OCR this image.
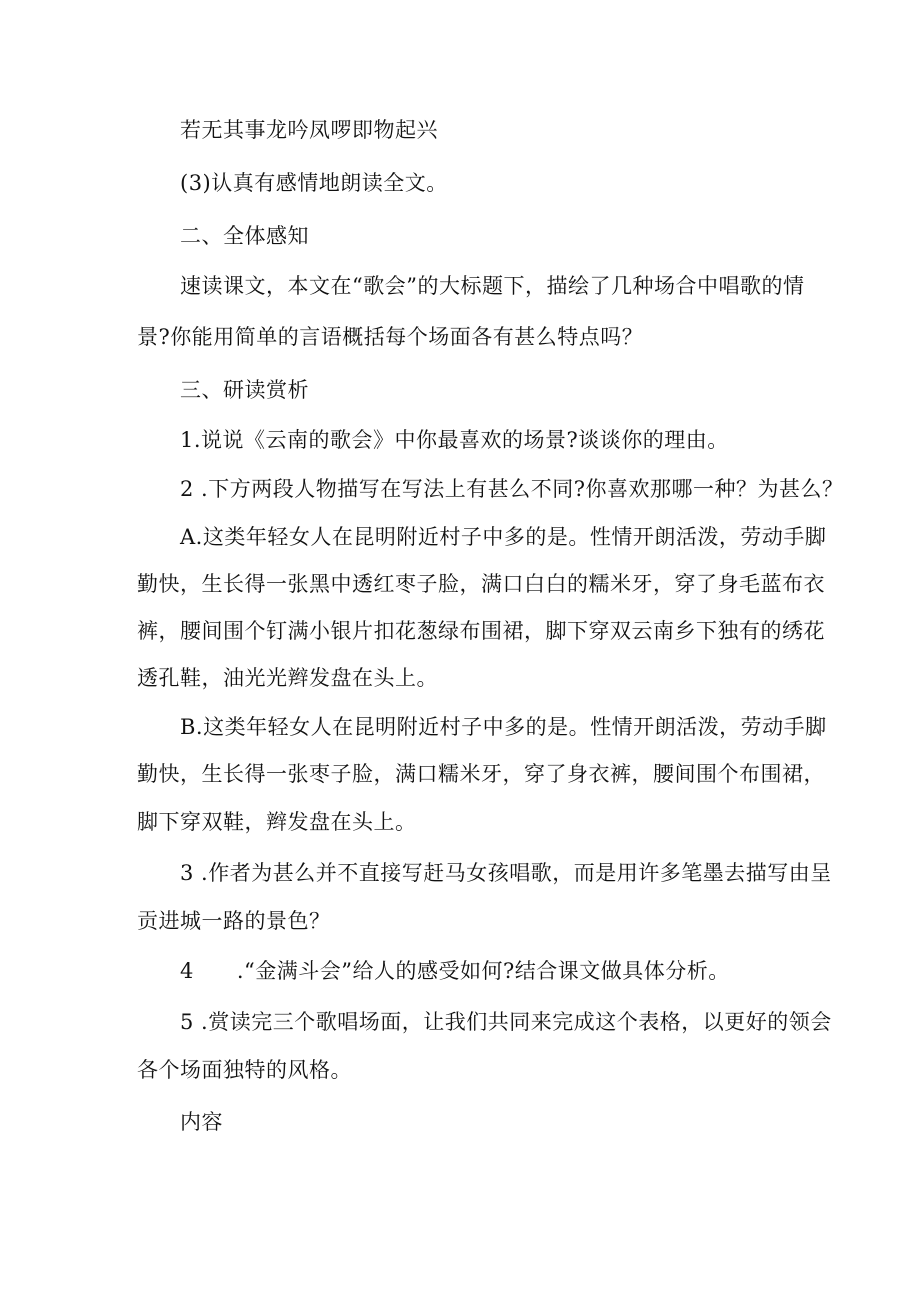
若无其事龙吟凤啰即物起兴
(3)认真有感情地朗读全文。
二、全体感知
速读课文，本文在“歌会”的大标题下，描绘了几种场合中唱歌的情
景?你能用简单的言语概括每个场面各有甚么特点吗？
三、研读赏析
1.说说《云南的歌会》中你最喜欢的场景?谈谈你的理由。
2 .下方两段人物描写在写法上有甚么不同?你喜欢那哪一种？为甚么？
A.这类年轻女人在昆明附近村子中多的是。性情开朗活泼，劳动手脚
勤快，生长得一张黑中透红枣子脸，满口白白的糯米牙，穿了身毛蓝布衣
裤，腰间围个钉满小银片扣花葱绿布围裙，脚下穿双云南乡下独有的绣花
透孔鞋，油光光辫发盘在头上。
B.这类年轻女人在昆明附近村子中多的是。性情开朗活泼，劳动手脚
勤快，生长得一张枣子脸，满口糯米牙，穿了身衣裤，腰间围个布围裙，
脚下穿双鞋，辫发盘在头上。
3 .作者为甚么并不直接写赶马女孩唱歌，而是用许多笔墨去描写由呈
贡进城一路的景色？
4　　.“金满斗会”给人的感受如何?结合课文做具体分析。
5 .赏读完三个歌唱场面，让我们共同来完成这个表格，以更好的领会
各个场面独特的风格。
内容
